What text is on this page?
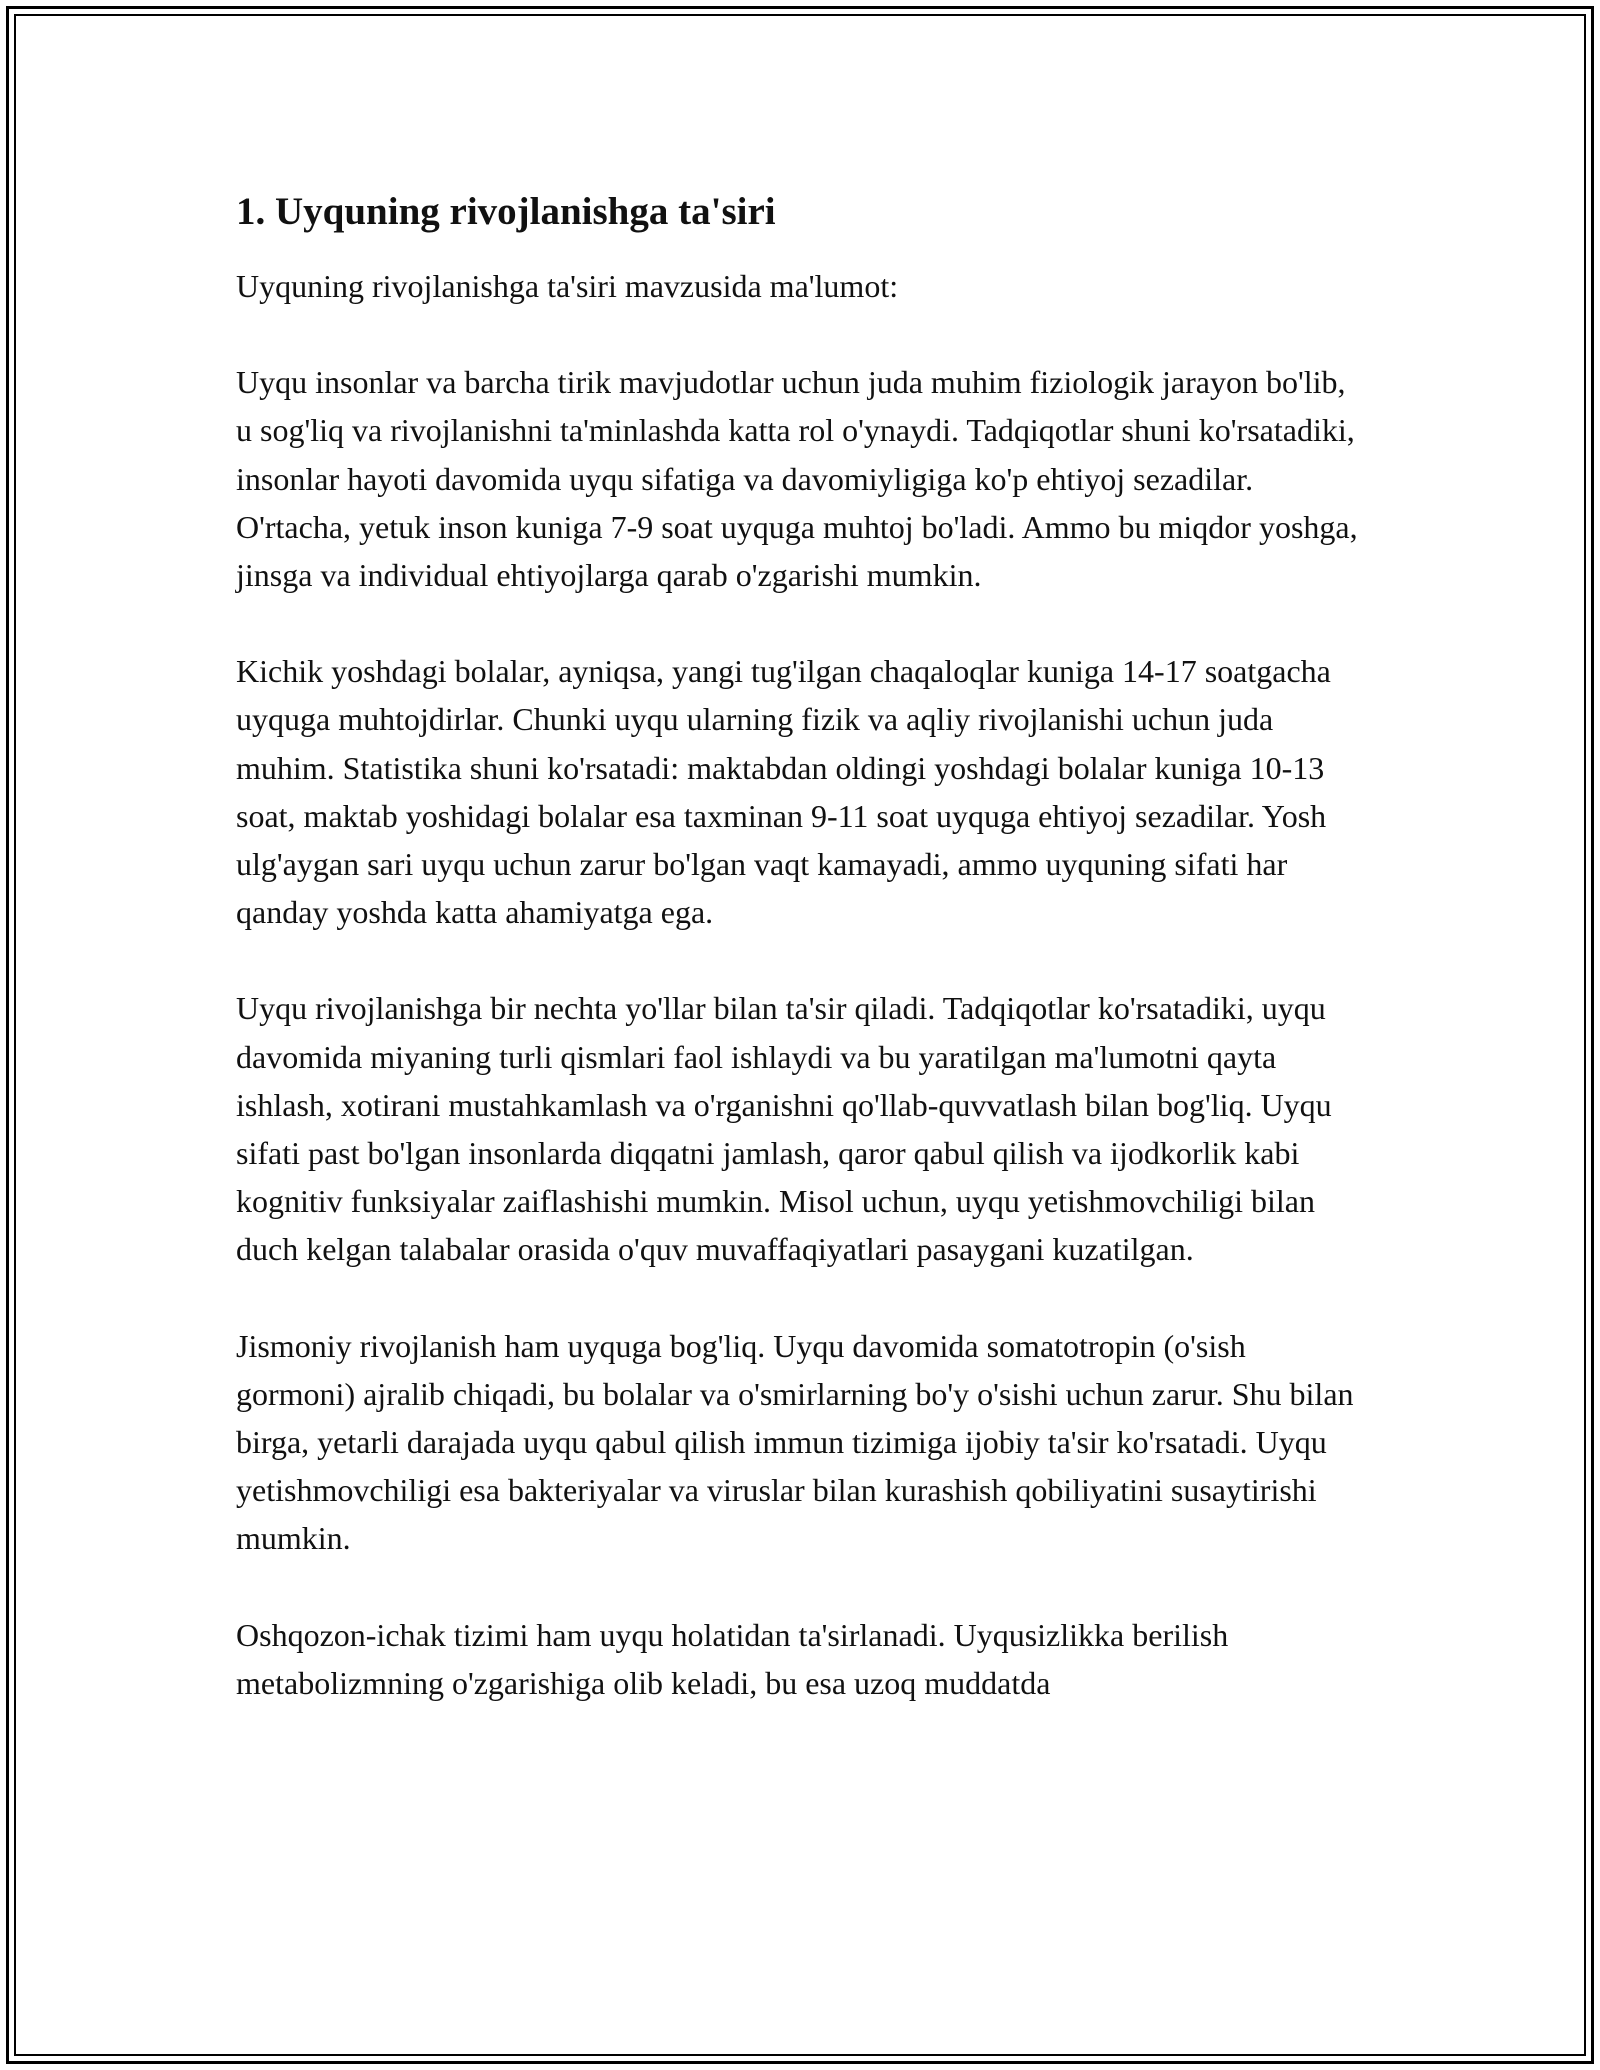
1. Uyquning rivojlanishga ta'siri

Uyquning rivojlanishga ta'siri mavzusida ma'lumot:

Uyqu insonlar va barcha tirik mavjudotlar uchun juda muhim fiziologik jarayon bo'lib, u sog'liq va rivojlanishni ta'minlashda katta rol o'ynaydi. Tadqiqotlar shuni ko'rsatadiki, insonlar hayoti davomida uyqu sifatiga va davomiyligiga ko'p ehtiyoj sezadilar. O'rtacha, yetuk inson kuniga 7-9 soat uyquga muhtoj bo'ladi. Ammo bu miqdor yoshga, jinsga va individual ehtiyojlarga qarab o'zgarishi mumkin.

Kichik yoshdagi bolalar, ayniqsa, yangi tug'ilgan chaqaloqlar kuniga 14-17 soatgacha uyquga muhtojdirlar. Chunki uyqu ularning fizik va aqliy rivojlanishi uchun juda muhim. Statistika shuni ko'rsatadi: maktabdan oldingi yoshdagi bolalar kuniga 10-13 soat, maktab yoshidagi bolalar esa taxminan 9-11 soat uyquga ehtiyoj sezadilar. Yosh ulg'aygan sari uyqu uchun zarur bo'lgan vaqt kamayadi, ammo uyquning sifati har qanday yoshda katta ahamiyatga ega.

Uyqu rivojlanishga bir nechta yo'llar bilan ta'sir qiladi. Tadqiqotlar ko'rsatadiki, uyqu davomida miyaning turli qismlari faol ishlaydi va bu yaratilgan ma'lumotni qayta ishlash, xotirani mustahkamlash va o'rganishni qo'llab-quvvatlash bilan bog'liq. Uyqu sifati past bo'lgan insonlarda diqqatni jamlash, qaror qabul qilish va ijodkorlik kabi kognitiv funksiyalar zaiflashishi mumkin. Misol uchun, uyqu yetishmovchiligi bilan duch kelgan talabalar orasida o'quv muvaffaqiyatlari pasaygani kuzatilgan.

Jismoniy rivojlanish ham uyquga bog'liq. Uyqu davomida somatotropin (o'sish gormoni) ajralib chiqadi, bu bolalar va o'smirlarning bo'y o'sishi uchun zarur. Shu bilan birga, yetarli darajada uyqu qabul qilish immun tizimiga ijobiy ta'sir ko'rsatadi. Uyqu yetishmovchiligi esa bakteriyalar va viruslar bilan kurashish qobiliyatini susaytirishi mumkin.

Oshqozon-ichak tizimi ham uyqu holatidan ta'sirlanadi. Uyqusizlikka berilish metabolizmning o'zgarishiga olib keladi, bu esa uzoq muddatda
